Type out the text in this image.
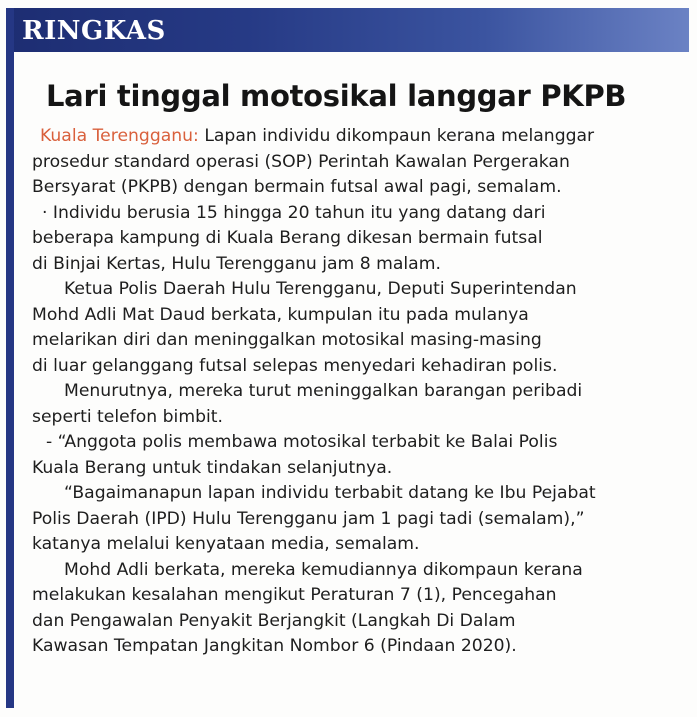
RINGKAS
Lari tinggal motosikal langgar PKPB
Kuala Terengganu: Lapan individu dikompaun kerana melanggar
prosedur standard operasi (SOP) Perintah Kawalan Pergerakan
Bersyarat (PKPB) dengan bermain futsal awal pagi, semalam.
· Individu berusia 15 hingga 20 tahun itu yang datang dari
beberapa kampung di Kuala Berang dikesan bermain futsal
di Binjai Kertas, Hulu Terengganu jam 8 malam.
Ketua Polis Daerah Hulu Terengganu, Deputi Superintendan
Mohd Adli Mat Daud berkata, kumpulan itu pada mulanya
melarikan diri dan meninggalkan motosikal masing-masing
di luar gelanggang futsal selepas menyedari kehadiran polis.
Menurutnya, mereka turut meninggalkan barangan peribadi
seperti telefon bimbit.
- “Anggota polis membawa motosikal terbabit ke Balai Polis
Kuala Berang untuk tindakan selanjutnya.
“Bagaimanapun lapan individu terbabit datang ke Ibu Pejabat
Polis Daerah (IPD) Hulu Terengganu jam 1 pagi tadi (semalam),”
katanya melalui kenyataan media, semalam.
Mohd Adli berkata, mereka kemudiannya dikompaun kerana
melakukan kesalahan mengikut Peraturan 7 (1), Pencegahan
dan Pengawalan Penyakit Berjangkit (Langkah Di Dalam
Kawasan Tempatan Jangkitan Nombor 6 (Pindaan 2020).
